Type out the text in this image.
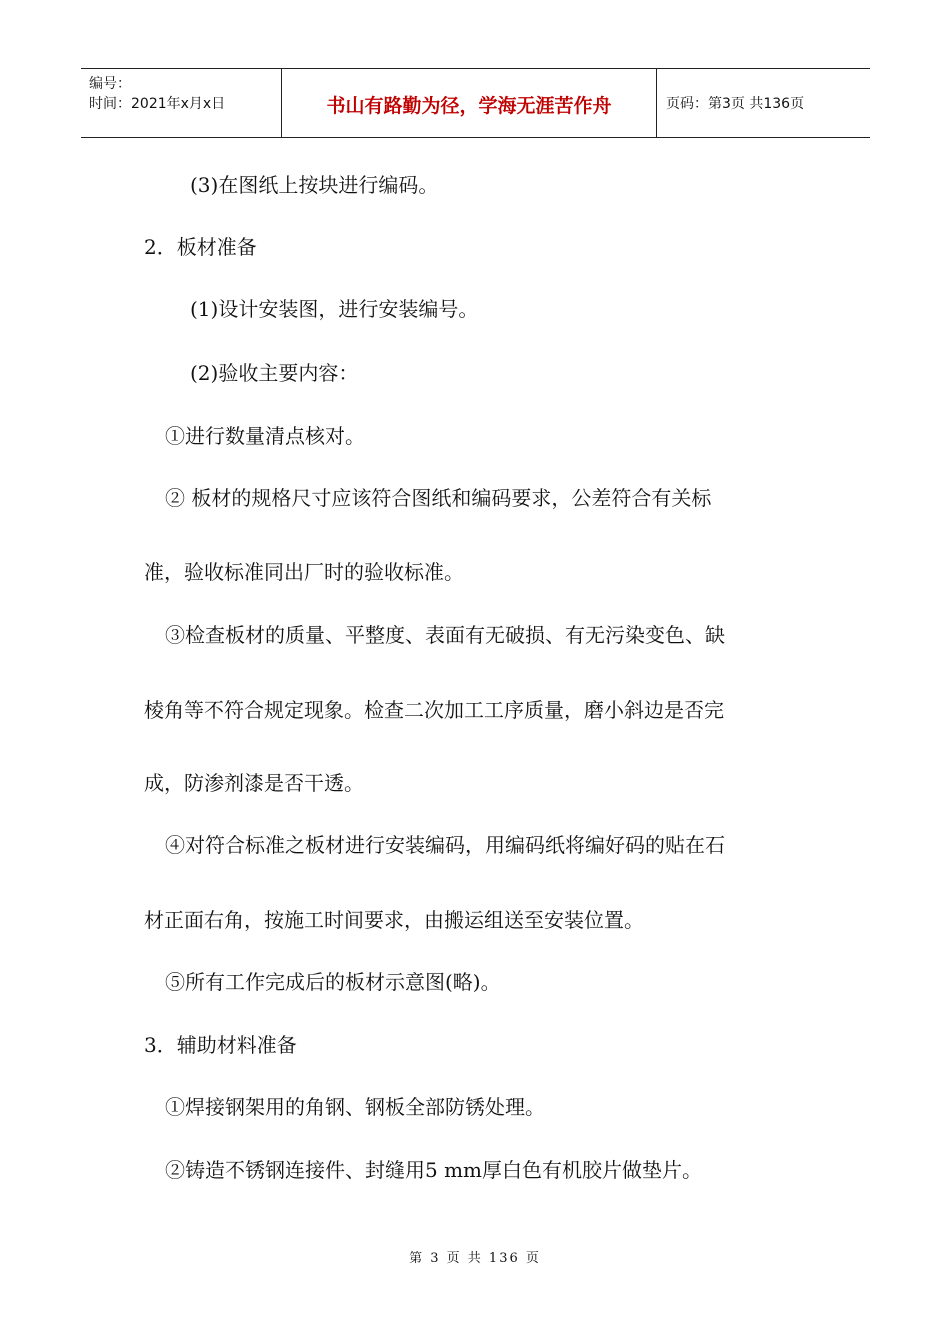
编号：
时间：2021年x月x日	书山有路勤为径，学海无涯苦作舟	页码：第3页 共136页
(3)在图纸上按块进行编码。
2．板材准备
(1)设计安装图，进行安装编号。
(2)验收主要内容：
①进行数量清点核对。
② 板材的规格尺寸应该符合图纸和编码要求，公差符合有关标
准，验收标准同出厂时的验收标准。
③检查板材的质量、平整度、表面有无破损、有无污染变色、缺
棱角等不符合规定现象。检查二次加工工序质量，磨小斜边是否完
成，防渗剂漆是否干透。
④对符合标准之板材进行安装编码，用编码纸将编好码的贴在石
材正面右角，按施工时间要求，由搬运组送至安装位置。
⑤所有工作完成后的板材示意图(略)。
3．辅助材料准备
①焊接钢架用的角钢、钢板全部防锈处理。
②铸造不锈钢连接件、封缝用5 mm厚白色有机胶片做垫片。
第 3 页 共 136 页
